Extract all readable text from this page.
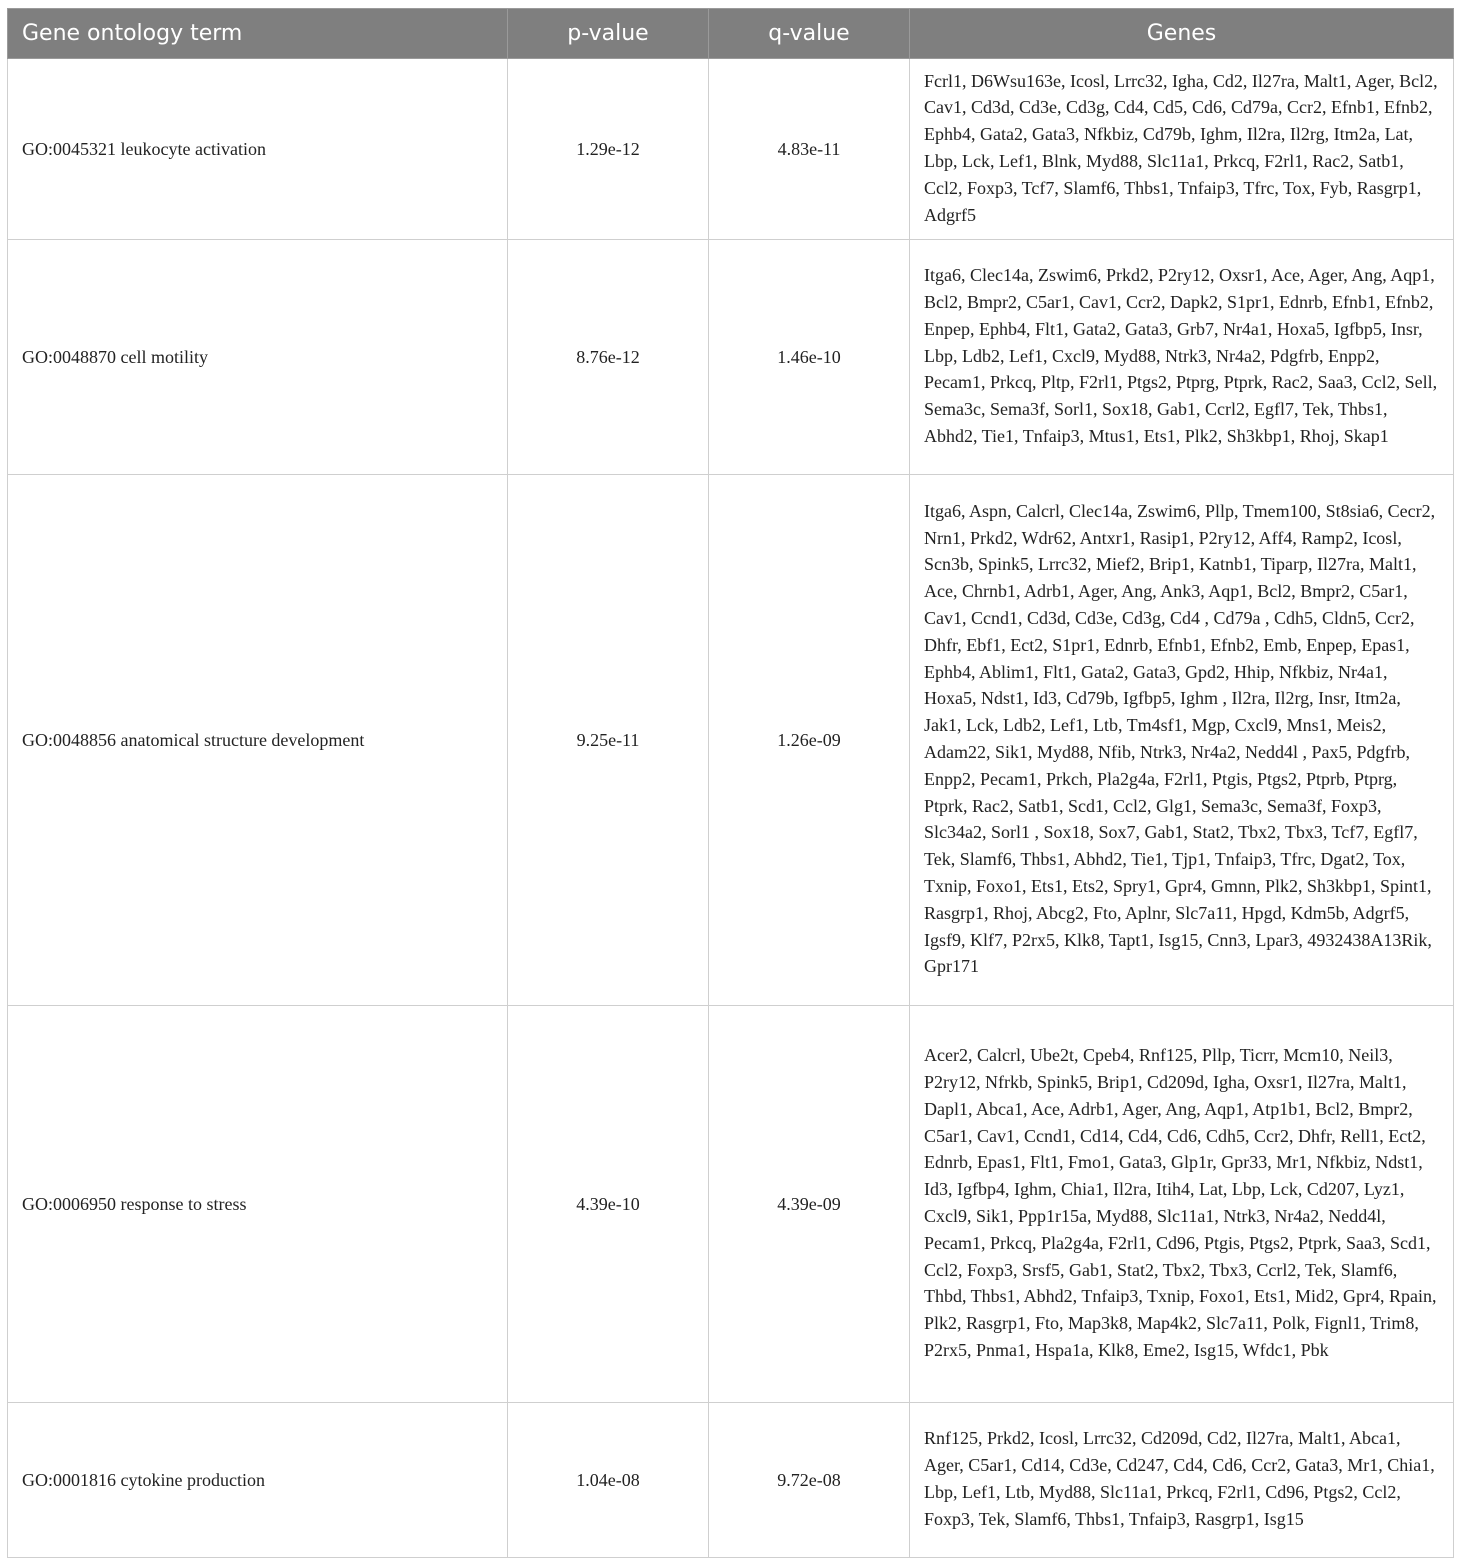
Gene ontology term	p-value	q-value	Genes
GO:0045321 leukocyte activation	1.29e-12	4.83e-11	Fcrl1, D6Wsu163e, Icosl, Lrrc32, Igha, Cd2, Il27ra, Malt1, Ager, Bcl2, Cav1, Cd3d, Cd3e, Cd3g, Cd4, Cd5, Cd6, Cd79a, Ccr2, Efnb1, Efnb2, Ephb4, Gata2, Gata3, Nfkbiz, Cd79b, Ighm, Il2ra, Il2rg, Itm2a, Lat, Lbp, Lck, Lef1, Blnk, Myd88, Slc11a1, Prkcq, F2rl1, Rac2, Satb1, Ccl2, Foxp3, Tcf7, Slamf6, Thbs1, Tnfaip3, Tfrc, Tox, Fyb, Rasgrp1, Adgrf5
GO:0048870 cell motility	8.76e-12	1.46e-10	Itga6, Clec14a, Zswim6, Prkd2, P2ry12, Oxsr1, Ace, Ager, Ang, Aqp1, Bcl2, Bmpr2, C5ar1, Cav1, Ccr2, Dapk2, S1pr1, Ednrb, Efnb1, Efnb2, Enpep, Ephb4, Flt1, Gata2, Gata3, Grb7, Nr4a1, Hoxa5, Igfbp5, Insr, Lbp, Ldb2, Lef1, Cxcl9, Myd88, Ntrk3, Nr4a2, Pdgfrb, Enpp2, Pecam1, Prkcq, Pltp, F2rl1, Ptgs2, Ptprg, Ptprk, Rac2, Saa3, Ccl2, Sell, Sema3c, Sema3f, Sorl1, Sox18, Gab1, Ccrl2, Egfl7, Tek, Thbs1, Abhd2, Tie1, Tnfaip3, Mtus1, Ets1, Plk2, Sh3kbp1, Rhoj, Skap1
GO:0048856 anatomical structure development	9.25e-11	1.26e-09	Itga6, Aspn, Calcrl, Clec14a, Zswim6, Pllp, Tmem100, St8sia6, Cecr2, Nrn1, Prkd2, Wdr62, Antxr1, Rasip1, P2ry12, Aff4, Ramp2, Icosl, Scn3b, Spink5, Lrrc32, Mief2, Brip1, Katnb1, Tiparp, Il27ra, Malt1, Ace, Chrnb1, Adrb1, Ager, Ang, Ank3, Aqp1, Bcl2, Bmpr2, C5ar1, Cav1, Ccnd1, Cd3d, Cd3e, Cd3g, Cd4 , Cd79a , Cdh5, Cldn5, Ccr2, Dhfr, Ebf1, Ect2, S1pr1, Ednrb, Efnb1, Efnb2, Emb, Enpep, Epas1, Ephb4, Ablim1, Flt1, Gata2, Gata3, Gpd2, Hhip, Nfkbiz, Nr4a1, Hoxa5, Ndst1, Id3, Cd79b, Igfbp5, Ighm , Il2ra, Il2rg, Insr, Itm2a, Jak1, Lck, Ldb2, Lef1, Ltb, Tm4sf1, Mgp, Cxcl9, Mns1, Meis2, Adam22, Sik1, Myd88, Nfib, Ntrk3, Nr4a2, Nedd4l , Pax5, Pdgfrb, Enpp2, Pecam1, Prkch, Pla2g4a, F2rl1, Ptgis, Ptgs2, Ptprb, Ptprg, Ptprk, Rac2, Satb1, Scd1, Ccl2, Glg1, Sema3c, Sema3f, Foxp3, Slc34a2, Sorl1 , Sox18, Sox7, Gab1, Stat2, Tbx2, Tbx3, Tcf7, Egfl7, Tek, Slamf6, Thbs1, Abhd2, Tie1, Tjp1, Tnfaip3, Tfrc, Dgat2, Tox, Txnip, Foxo1, Ets1, Ets2, Spry1, Gpr4, Gmnn, Plk2, Sh3kbp1, Spint1, Rasgrp1, Rhoj, Abcg2, Fto, Aplnr, Slc7a11, Hpgd, Kdm5b, Adgrf5, Igsf9, Klf7, P2rx5, Klk8, Tapt1, Isg15, Cnn3, Lpar3, 4932438A13Rik, Gpr171
GO:0006950 response to stress	4.39e-10	4.39e-09	Acer2, Calcrl, Ube2t, Cpeb4, Rnf125, Pllp, Ticrr, Mcm10, Neil3, P2ry12, Nfrkb, Spink5, Brip1, Cd209d, Igha, Oxsr1, Il27ra, Malt1, Dapl1, Abca1, Ace, Adrb1, Ager, Ang, Aqp1, Atp1b1, Bcl2, Bmpr2, C5ar1, Cav1, Ccnd1, Cd14, Cd4, Cd6, Cdh5, Ccr2, Dhfr, Rell1, Ect2, Ednrb, Epas1, Flt1, Fmo1, Gata3, Glp1r, Gpr33, Mr1, Nfkbiz, Ndst1, Id3, Igfbp4, Ighm, Chia1, Il2ra, Itih4, Lat, Lbp, Lck, Cd207, Lyz1, Cxcl9, Sik1, Ppp1r15a, Myd88, Slc11a1, Ntrk3, Nr4a2, Nedd4l, Pecam1, Prkcq, Pla2g4a, F2rl1, Cd96, Ptgis, Ptgs2, Ptprk, Saa3, Scd1, Ccl2, Foxp3, Srsf5, Gab1, Stat2, Tbx2, Tbx3, Ccrl2, Tek, Slamf6, Thbd, Thbs1, Abhd2, Tnfaip3, Txnip, Foxo1, Ets1, Mid2, Gpr4, Rpain, Plk2, Rasgrp1, Fto, Map3k8, Map4k2, Slc7a11, Polk, Fignl1, Trim8, P2rx5, Pnma1, Hspa1a, Klk8, Eme2, Isg15, Wfdc1, Pbk
GO:0001816 cytokine production	1.04e-08	9.72e-08	Rnf125, Prkd2, Icosl, Lrrc32, Cd209d, Cd2, Il27ra, Malt1, Abca1, Ager, C5ar1, Cd14, Cd3e, Cd247, Cd4, Cd6, Ccr2, Gata3, Mr1, Chia1, Lbp, Lef1, Ltb, Myd88, Slc11a1, Prkcq, F2rl1, Cd96, Ptgs2, Ccl2, Foxp3, Tek, Slamf6, Thbs1, Tnfaip3, Rasgrp1, Isg15
